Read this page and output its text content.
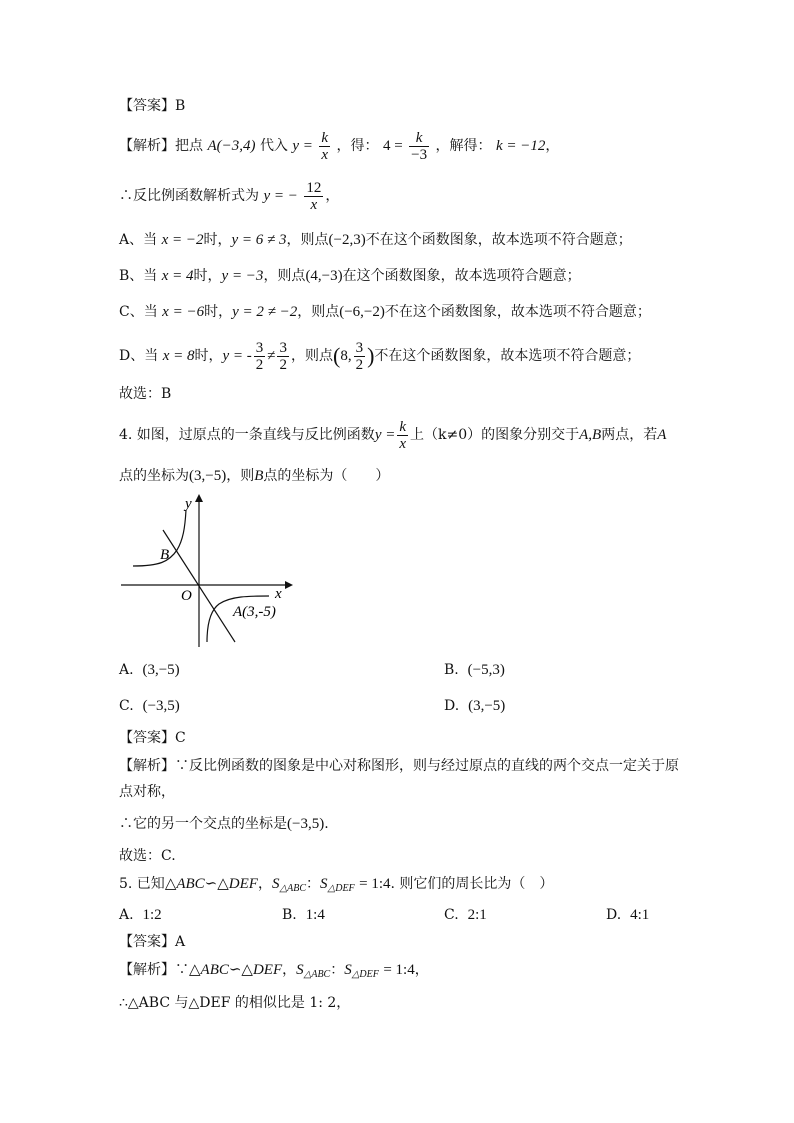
【答案】B
【解析】把点 A(−3,4) 代入 $y = \frac{k}{x}$ ，得： $4 = \frac{k}{-3}$ ，解得： k = −12，
∴反比例函数解析式为 y = − $\frac{12}{x}$ ，
A、当 x = −2时，y = 6 ≠ 3，则点(−2,3)不在这个函数图象，故本选项不符合题意；
B、当 x = 4时，y = −3，则点(4,−3)在这个函数图象，故本选项符合题意；
C、当 x = −6时，y = 2 ≠ −2，则点(−6,−2)不在这个函数图象，故本选项不符合题意；
D、当 x = 8时，y = - $\frac{3}{2} \ne \frac{3}{2}$ ，则点(8, $\frac{3}{2}$ )不在这个函数图象，故本选项不符合题意；
故选：B
4. 如图，过原点的一条直线与反比例函数$y = \frac{k}{x}$ 上（k≠0）的图象分别交于A,B两点，若A
点的坐标为(3,−5)，则B点的坐标为（　　）
y
x
O
B
A(3,-5)
A. (3,−5)	B. (−5,3)
C. (−3,5)	D. (3,−5)
【答案】C
【解析】∵反比例函数的图象是中心对称图形，则与经过原点的直线的两个交点一定关于原
点对称，
∴它的另一个交点的坐标是(−3,5).
故选：C.
5. 已知△ABC∽△DEF，$S_{\triangle ABC}$：$S_{\triangle DEF}$ = 1:4. 则它们的周长比为（　）
A. 1:2	B. 1:4	C. 2:1	D. 4:1
【答案】A
【解析】∵△ABC∽△DEF，$S_{\triangle ABC}$：$S_{\triangle DEF}$ = 1:4，
∴△ABC 与△DEF 的相似比是 1: 2，
